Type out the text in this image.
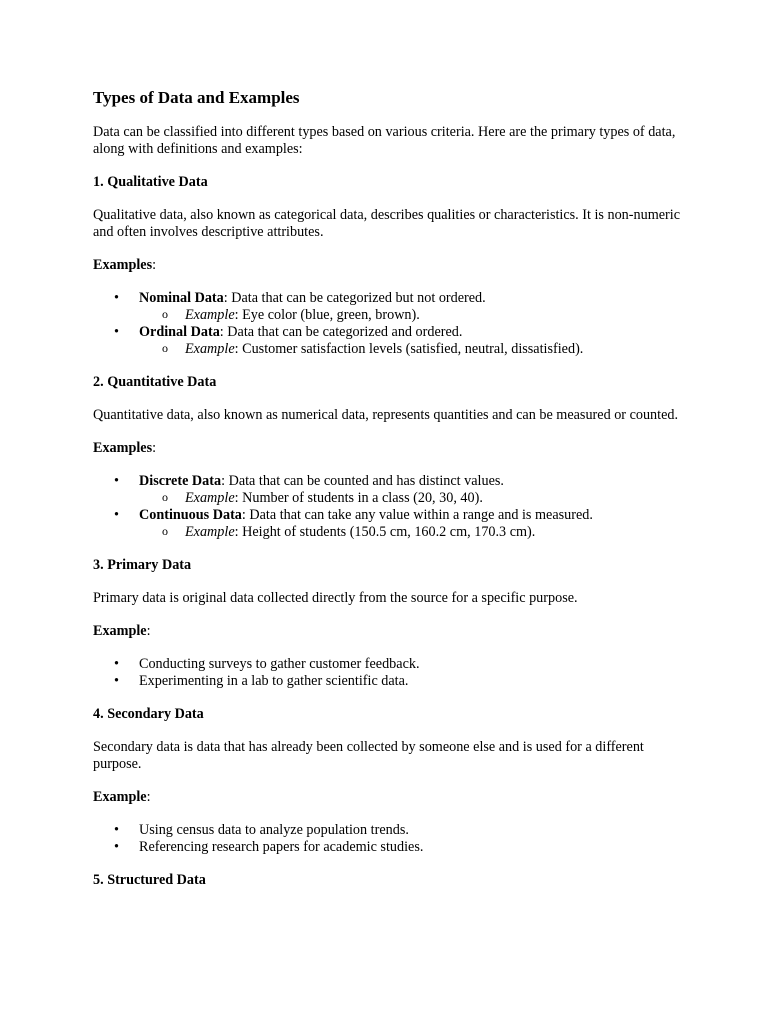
Types of Data and Examples

Data can be classified into different types based on various criteria. Here are the primary types of data, along with definitions and examples:

1. Qualitative Data

Qualitative data, also known as categorical data, describes qualities or characteristics. It is non-numeric and often involves descriptive attributes.

Examples:
• Nominal Data: Data that can be categorized but not ordered.
o Example: Eye color (blue, green, brown).
• Ordinal Data: Data that can be categorized and ordered.
o Example: Customer satisfaction levels (satisfied, neutral, dissatisfied).
2. Quantitative Data

Quantitative data, also known as numerical data, represents quantities and can be measured or counted.

Examples:
• Discrete Data: Data that can be counted and has distinct values.
o Example: Number of students in a class (20, 30, 40).
• Continuous Data: Data that can take any value within a range and is measured.
o Example: Height of students (150.5 cm, 160.2 cm, 170.3 cm).
3. Primary Data

Primary data is original data collected directly from the source for a specific purpose.

Example:
• Conducting surveys to gather customer feedback.
• Experimenting in a lab to gather scientific data.
4. Secondary Data

Secondary data is data that has already been collected by someone else and is used for a different purpose.

Example:
• Using census data to analyze population trends.
• Referencing research papers for academic studies.
5. Structured Data
